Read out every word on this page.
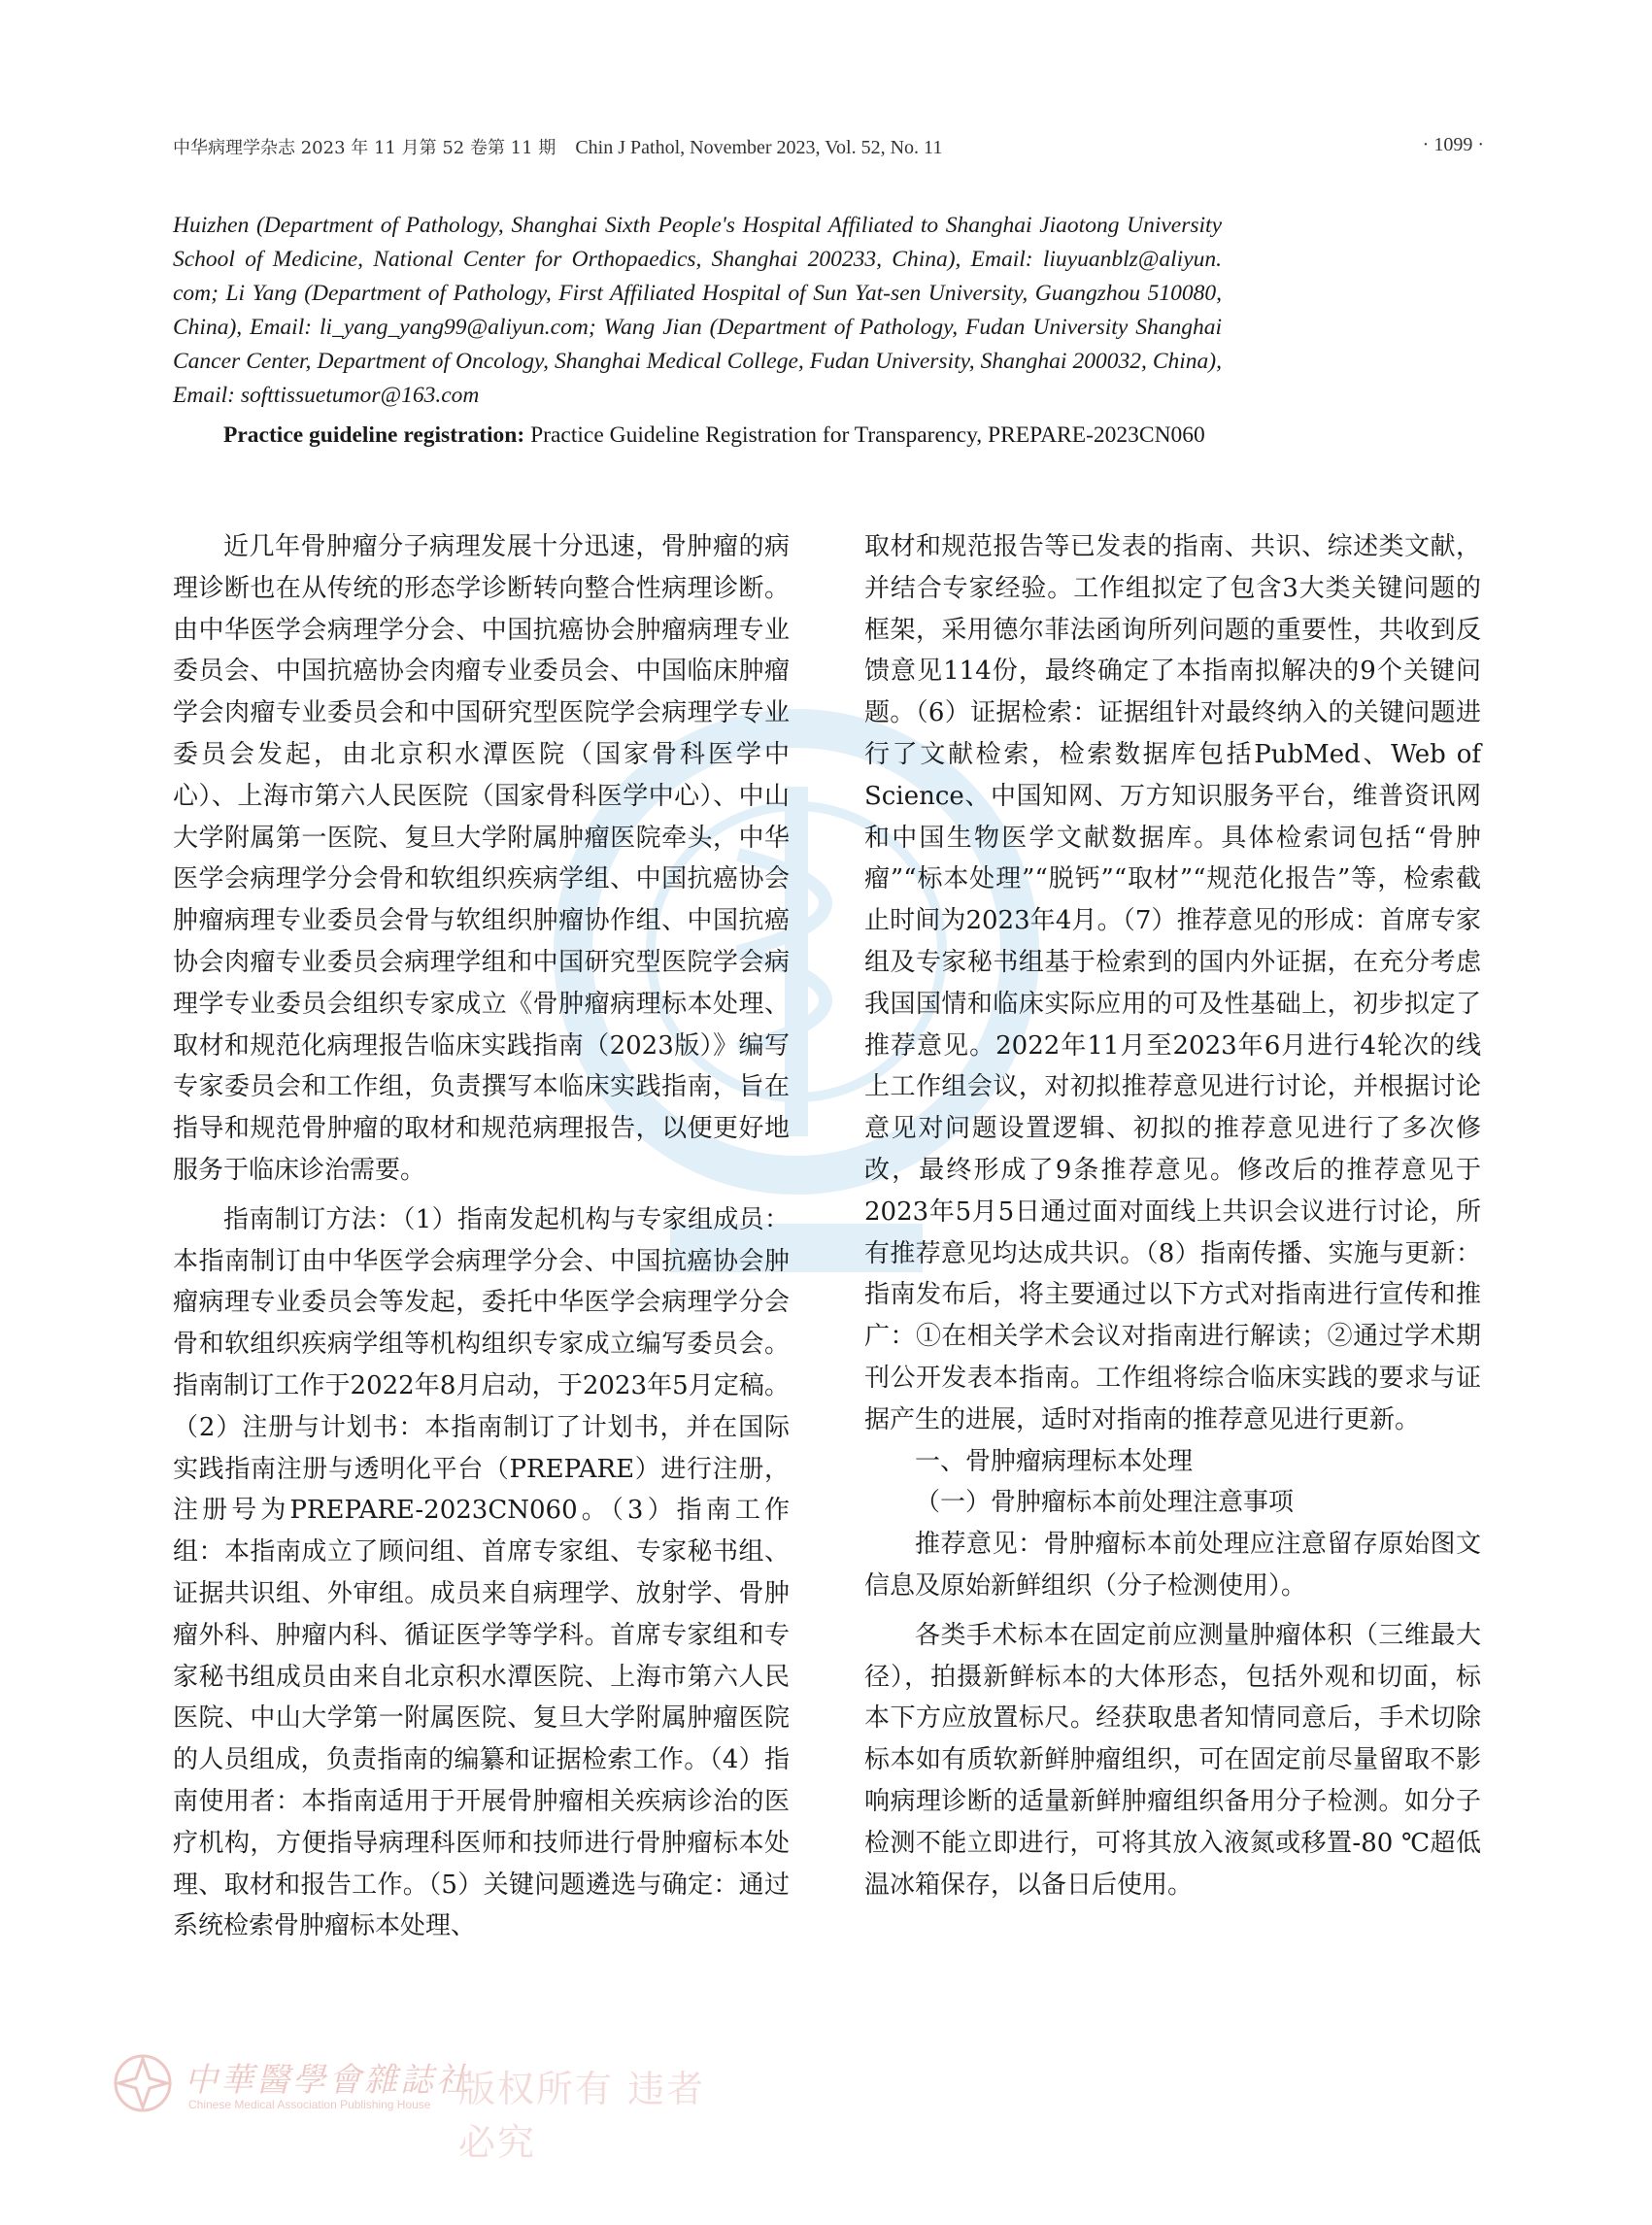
中华病理学杂志 2023 年 11 月第 52 卷第 11 期 Chin J Pathol, November 2023, Vol. 52, No. 11	· 1099 ·

Huizhen (Department of Pathology, Shanghai Sixth People's Hospital Affiliated to Shanghai Jiaotong University School of Medicine, National Center for Orthopaedics, Shanghai 200233, China), Email: liuyuanblz@aliyun. com; Li Yang (Department of Pathology, First Affiliated Hospital of Sun Yat-sen University, Guangzhou 510080, China), Email: li_yang_yang99@aliyun.com; Wang Jian (Department of Pathology, Fudan University Shanghai Cancer Center, Department of Oncology, Shanghai Medical College, Fudan University, Shanghai 200032, China), Email: softtissuetumor@163.com

Practice guideline registration: Practice Guideline Registration for Transparency, PREPARE-2023CN060

近几年骨肿瘤分子病理发展十分迅速，骨肿瘤的病理诊断也在从传统的形态学诊断转向整合性病理诊断。由中华医学会病理学分会、中国抗癌协会肿瘤病理专业委员会、中国抗癌协会肉瘤专业委员会、中国临床肿瘤学会肉瘤专业委员会和中国研究型医院学会病理学专业委员会发起，由北京积水潭医院（国家骨科医学中心）、上海市第六人民医院（国家骨科医学中心）、中山大学附属第一医院、复旦大学附属肿瘤医院牵头，中华医学会病理学分会骨和软组织疾病学组、中国抗癌协会肿瘤病理专业委员会骨与软组织肿瘤协作组、中国抗癌协会肉瘤专业委员会病理学组和中国研究型医院学会病理学专业委员会组织专家成立《骨肿瘤病理标本处理、取材和规范化病理报告临床实践指南（2023版）》编写专家委员会和工作组，负责撰写本临床实践指南，旨在指导和规范骨肿瘤的取材和规范病理报告，以便更好地服务于临床诊治需要。

指南制订方法：（1）指南发起机构与专家组成员：本指南制订由中华医学会病理学分会、中国抗癌协会肿瘤病理专业委员会等发起，委托中华医学会病理学分会骨和软组织疾病学组等机构组织专家成立编写委员会。指南制订工作于2022年8月启动，于2023年5月定稿。（2）注册与计划书：本指南制订了计划书，并在国际实践指南注册与透明化平台（PREPARE）进行注册，注册号为PREPARE-2023CN060。（3）指南工作组：本指南成立了顾问组、首席专家组、专家秘书组、证据共识组、外审组。成员来自病理学、放射学、骨肿瘤外科、肿瘤内科、循证医学等学科。首席专家组和专家秘书组成员由来自北京积水潭医院、上海市第六人民医院、中山大学第一附属医院、复旦大学附属肿瘤医院的人员组成，负责指南的编纂和证据检索工作。（4）指南使用者：本指南适用于开展骨肿瘤相关疾病诊治的医疗机构，方便指导病理科医师和技师进行骨肿瘤标本处理、取材和报告工作。（5）关键问题遴选与确定：通过系统检索骨肿瘤标本处理、

取材和规范报告等已发表的指南、共识、综述类文献，并结合专家经验。工作组拟定了包含3大类关键问题的框架，采用德尔菲法函询所列问题的重要性，共收到反馈意见114份，最终确定了本指南拟解决的9个关键问题。（6）证据检索：证据组针对最终纳入的关键问题进行了文献检索，检索数据库包括PubMed、Web of Science、中国知网、万方知识服务平台，维普资讯网和中国生物医学文献数据库。具体检索词包括“骨肿瘤”“标本处理”“脱钙”“取材”“规范化报告”等，检索截止时间为2023年4月。（7）推荐意见的形成：首席专家组及专家秘书组基于检索到的国内外证据，在充分考虑我国国情和临床实际应用的可及性基础上，初步拟定了推荐意见。2022年11月至2023年6月进行4轮次的线上工作组会议，对初拟推荐意见进行讨论，并根据讨论意见对问题设置逻辑、初拟的推荐意见进行了多次修改，最终形成了9条推荐意见。修改后的推荐意见于2023年5月5日通过面对面线上共识会议进行讨论，所有推荐意见均达成共识。（8）指南传播、实施与更新：指南发布后，将主要通过以下方式对指南进行宣传和推广：①在相关学术会议对指南进行解读；②通过学术期刊公开发表本指南。工作组将综合临床实践的要求与证据产生的进展，适时对指南的推荐意见进行更新。

一、骨肿瘤病理标本处理

（一）骨肿瘤标本前处理注意事项

推荐意见：骨肿瘤标本前处理应注意留存原始图文信息及原始新鲜组织（分子检测使用）。

各类手术标本在固定前应测量肿瘤体积（三维最大径），拍摄新鲜标本的大体形态，包括外观和切面，标本下方应放置标尺。经获取患者知情同意后，手术切除标本如有质软新鲜肿瘤组织，可在固定前尽量留取不影响病理诊断的适量新鲜肿瘤组织备用分子检测。如分子检测不能立即进行，可将其放入液氮或移置-80 ℃超低温冰箱保存，以备日后使用。

中華醫學會雜誌社
Chinese Medical Association Publishing House 版权所有 违者必究
